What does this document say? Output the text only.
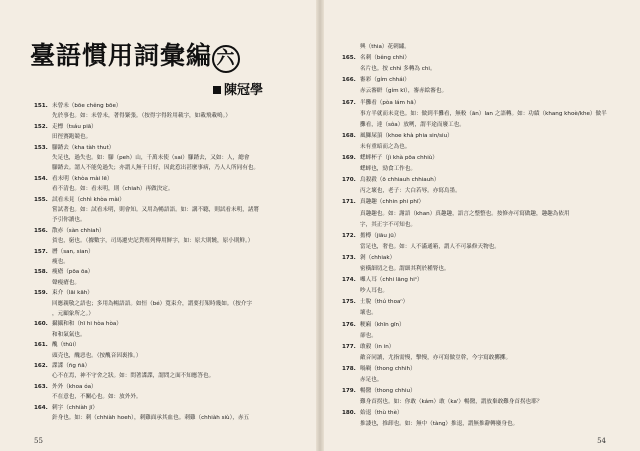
臺語慣用詞彙編 六
陳冠學
151. 未曾未（bōe chêng bōe）
先於事也。如：未曾未，著得緊張。（按得字得銓用載字，如載飛載鳴。）
152. 走標（tsáu piā）
田徑賽跑競也。
153. 腳蹅去（kha tàh thut）
失足也，過失也。如：腳（peh）山，千萬未使（sai）腳蹅去，又如：人，總會
腳蹅去。謂人不能免過失；亦謂人無千日好，因此惹出甚麼事病，乃人人所同有也。
154. 看未明（khòa mài lē）
看不清也。如：看未明，則（chiah）再做決定。
155. 試看未見（chhì khòa mài）
嘗試著也。如：試看未明，則會知。又用為暢語語。如：講不聽，則試看未明，諸將
予引你讀也。
156. 散赤（sàn chhiah）
貧也，窮也。（據數字，司馬遷史記貨殖列傳用鮮字，如：原大則饒，原小則鮮。）
157. 曆（san, sian）
瘦也。
158. 瘦瘡（pōa ōa）
聲瘦瘡也。
159. 束介（lāi kāh）
回應親敬之語也；多用為暢語語。如恒（bé）寬束介，謂要打架時幾如。（按介字
，元顧象所之。）
160. 攝攝和和（hī hi hòa hòa）
和和氣氣也。
161. 醜（thūi）
頭壳也，醜惡也。（按醜音因裏推。）
162. 諜諜（ñg ñā）
心不在焉，神不守舍之狀。如：問著諜諜，謂問之面不知應答也。
163. 外外（khoa óa）
不在意也，不關心也。如：放外外。
164. 刺字（chhiàh jī）
針身也。如：刺（chhiàh hoeh），刺雞面承其血也。刺雞（chhiàh siù），赤五
55
興（thia）花刺繡。
165. 名刺（bêng chhì）
名片也。按 chhì 多轉為 chi。
166. 審彩（gím chhái）
赤云審絣（gím kī），審赤絵審也。
167. 半攤看（pòa lám hā）
事方半就而未竟也。如：做到半攤看，無較（ān）lan 之語轉。如：功績（khang khoè/khe）做半
攤看，達（sôa）放咧，謂半途而廢工也。
168. 風獅屎頂（khoe khà phia sin/siu）
未有重暗而之為也。
169. 蟋蟀杯子（jì khà pōa chhiù）
蟋蟀也，勁食工作也。
170. 烏殺殺（ō chhiauh chhiauh）
丙之壞也，老子：大白若辱。亦寫烏墨。
171. 真趣趣（chhin phi phī）
真趣趣也。如：謝語（khan）真趣趣，語言之整整也。按修亦可寫做趣，趣趣為依用
字，其正字不可知也。
172. 擔樽（jiāu jū）
當足也，奢也。如：人不滿通箱，謂人不可暴修天物也。
173. 剝（chhiak）
密橫細切之也。謂細其利於種腎也。
174. 囉人耳（chhi lāng hiⁿ）
吵人耳也。
175. 士脫（thú thoaⁿ）
壞也。
176. 粳廂（khīn gīn）
卻也。
177. 敢毅（in in）
敵音同讀，尤指需慢，擊慢，亦可寫做豈幹，今字寫敢擲擲。
178. 喎喎（thong chhih）
赤足也。
179. 暢醫（thong chhiu）
難身首拐也。如：你敢（kám）敢（ka'）暢醫，謂放棄敢難身首拐也耶？
180. 始退（thù thè）
推諉也，推卸也。如：無中（tàng）推退，謂無推辭轉廢身也。
54
